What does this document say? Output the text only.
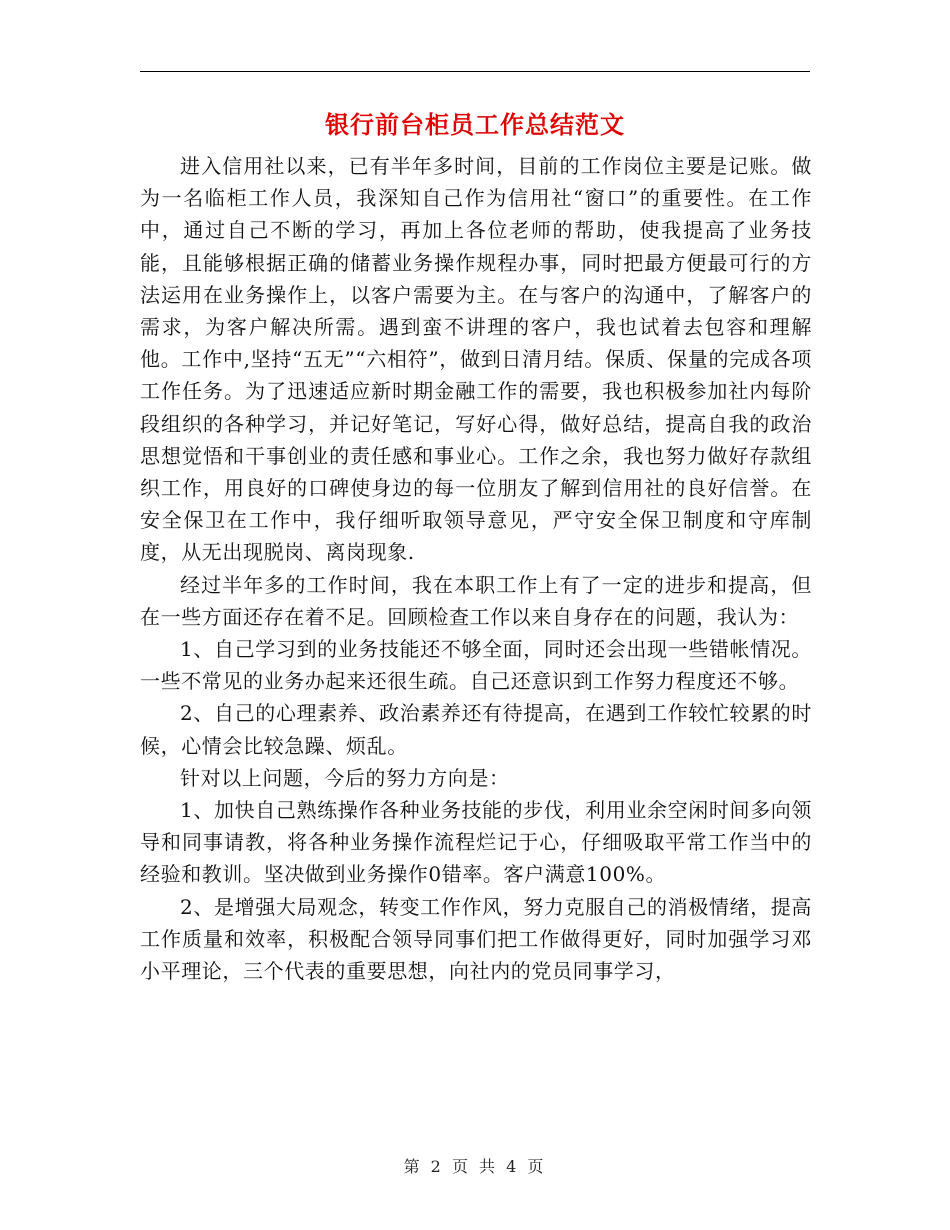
银行前台柜员工作总结范文

进入信用社以来，已有半年多时间，目前的工作岗位主要是记账。做为一名临柜工作人员，我深知自己作为信用社“窗口”的重要性。在工作中，通过自己不断的学习，再加上各位老师的帮助，使我提高了业务技能，且能够根据正确的储蓄业务操作规程办事，同时把最方便最可行的方法运用在业务操作上，以客户需要为主。在与客户的沟通中，了解客户的需求，为客户解决所需。遇到蛮不讲理的客户，我也试着去包容和理解他。工作中,坚持“五无”“六相符”，做到日清月结。保质、保量的完成各项工作任务。为了迅速适应新时期金融工作的需要，我也积极参加社内每阶段组织的各种学习，并记好笔记，写好心得，做好总结，提高自我的政治思想觉悟和干事创业的责任感和事业心。工作之余，我也努力做好存款组织工作，用良好的口碑使身边的每一位朋友了解到信用社的良好信誉。在安全保卫在工作中，我仔细听取领导意见，严守安全保卫制度和守库制度，从无出现脱岗、离岗现象.

经过半年多的工作时间，我在本职工作上有了一定的进步和提高，但在一些方面还存在着不足。回顾检查工作以来自身存在的问题，我认为：

1、自己学习到的业务技能还不够全面，同时还会出现一些错帐情况。一些不常见的业务办起来还很生疏。自己还意识到工作努力程度还不够。

2、自己的心理素养、政治素养还有待提高，在遇到工作较忙较累的时候，心情会比较急躁、烦乱。

针对以上问题，今后的努力方向是：

1、加快自己熟练操作各种业务技能的步伐，利用业余空闲时间多向领导和同事请教，将各种业务操作流程烂记于心，仔细吸取平常工作当中的经验和教训。坚决做到业务操作0错率。客户满意100%。

2、是增强大局观念，转变工作作风，努力克服自己的消极情绪，提高工作质量和效率，积极配合领导同事们把工作做得更好，同时加强学习邓小平理论，三个代表的重要思想，向社内的党员同事学习，

第 2 页 共 4 页
